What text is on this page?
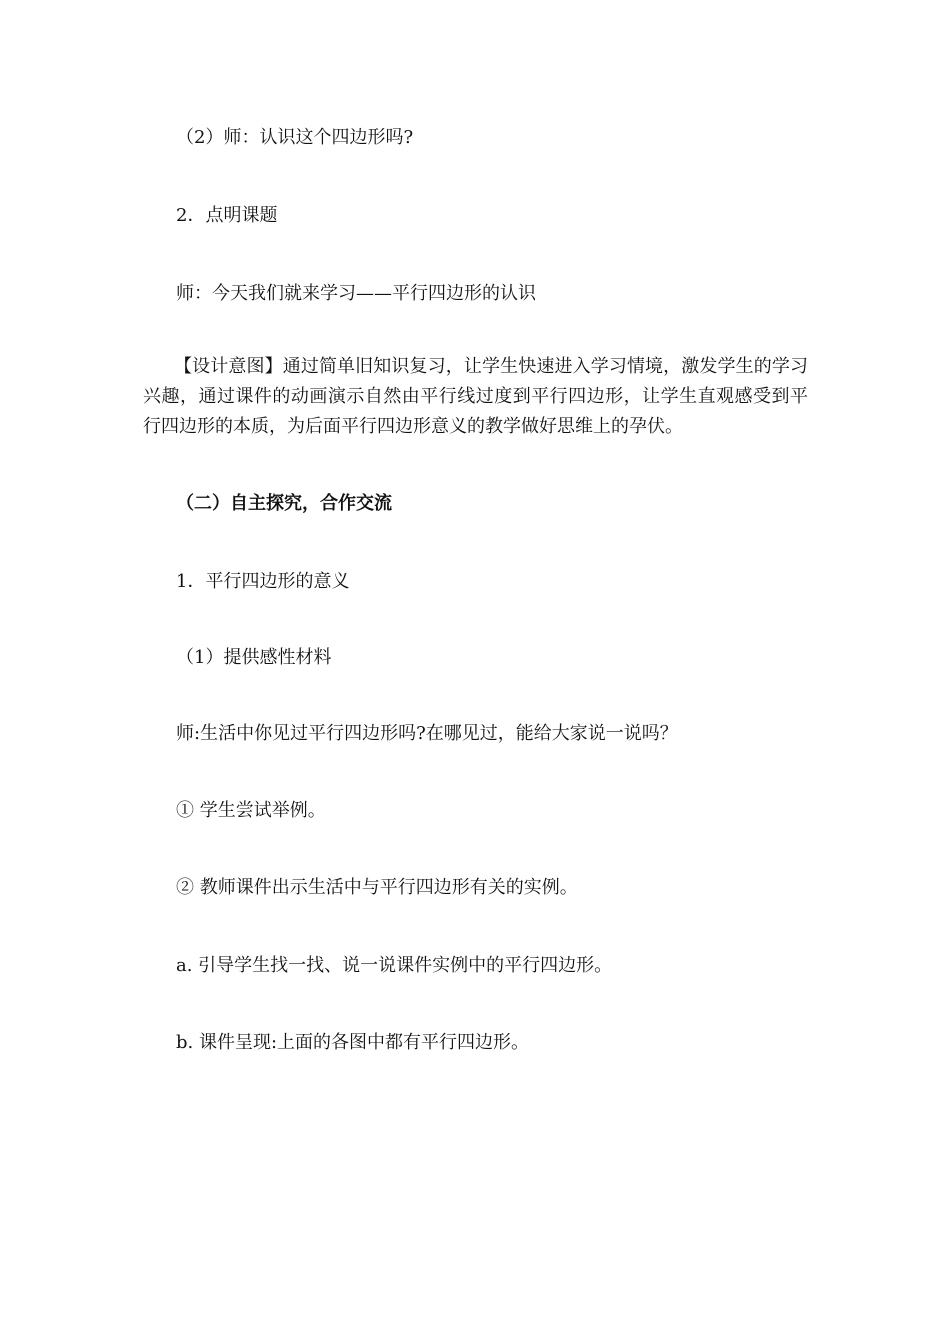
（2）师：认识这个四边形吗?
2．点明课题
师：今天我们就来学习——平行四边形的认识
【设计意图】通过简单旧知识复习，让学生快速进入学习情境，激发学生的学习兴趣，通过课件的动画演示自然由平行线过度到平行四边形，让学生直观感受到平行四边形的本质，为后面平行四边形意义的教学做好思维上的孕伏。
（二）自主探究，合作交流
1．平行四边形的意义
（1）提供感性材料
师:生活中你见过平行四边形吗?在哪见过，能给大家说一说吗？
① 学生尝试举例。
② 教师课件出示生活中与平行四边形有关的实例。
a. 引导学生找一找、说一说课件实例中的平行四边形。
b. 课件呈现:上面的各图中都有平行四边形。
